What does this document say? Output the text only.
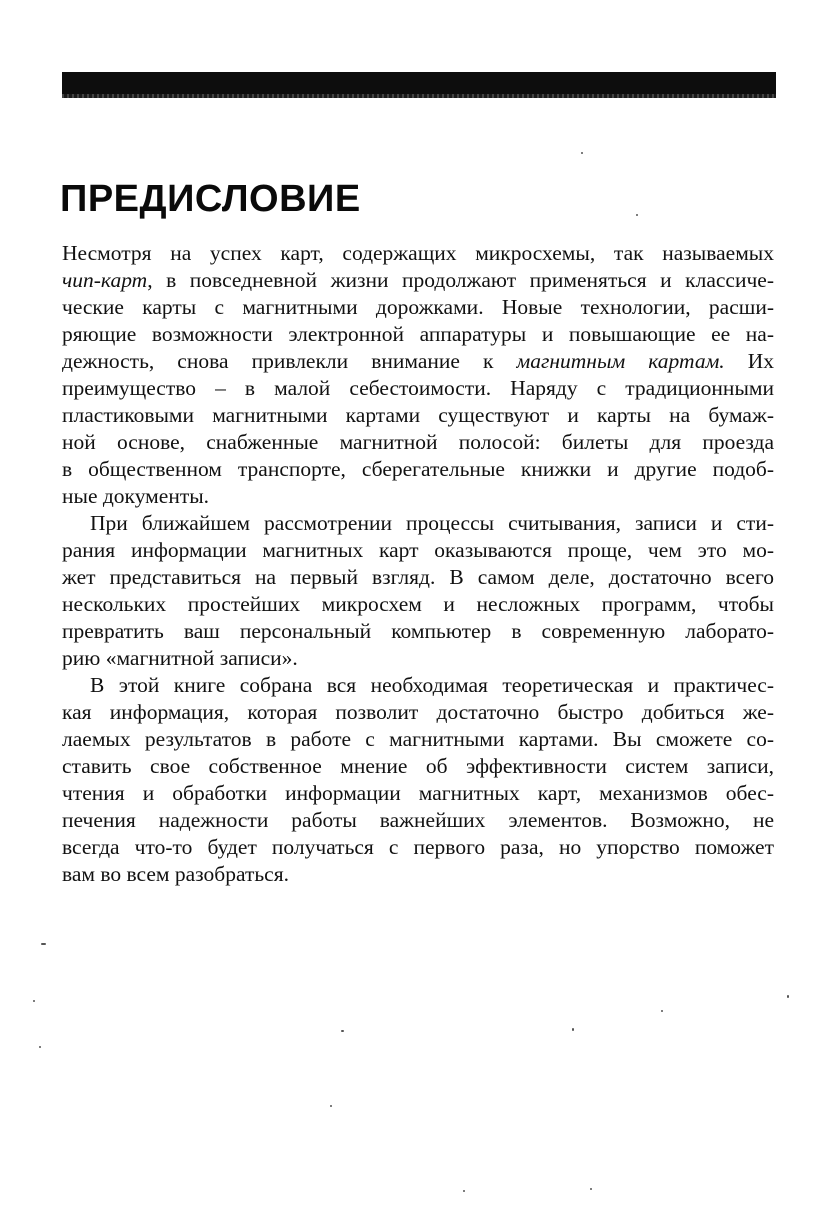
ПРЕДИСЛОВИЕ
Несмотря на успех карт, содержащих микросхемы, так называемых
чип-карт, в повседневной жизни продолжают применяться и классиче-
ческие карты с магнитными дорожками. Новые технологии, расши-
ряющие возможности электронной аппаратуры и повышающие ее на-
дежность, снова привлекли внимание к магнитным картам. Их
преимущество – в малой себестоимости. Наряду с традиционными
пластиковыми магнитными картами существуют и карты на бумаж-
ной основе, снабженные магнитной полосой: билеты для проезда
в общественном транспорте, сберегательные книжки и другие подоб-
ные документы.
При ближайшем рассмотрении процессы считывания, записи и сти-
рания информации магнитных карт оказываются проще, чем это мо-
жет представиться на первый взгляд. В самом деле, достаточно всего
нескольких простейших микросхем и несложных программ, чтобы
превратить ваш персональный компьютер в современную лаборато-
рию «магнитной записи».
В этой книге собрана вся необходимая теоретическая и практичес-
кая информация, которая позволит достаточно быстро добиться же-
лаемых результатов в работе с магнитными картами. Вы сможете со-
ставить свое собственное мнение об эффективности систем записи,
чтения и обработки информации магнитных карт, механизмов обес-
печения надежности работы важнейших элементов. Возможно, не
всегда что-то будет получаться с первого раза, но упорство поможет
вам во всем разобраться.
